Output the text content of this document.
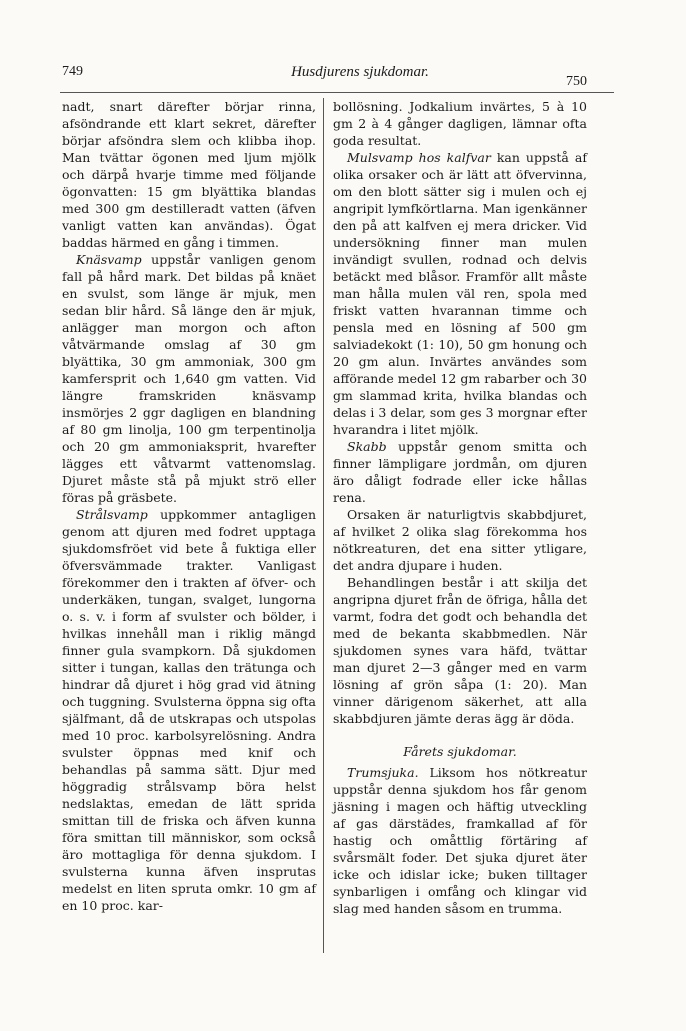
749	Husdjurens sjukdomar.
750

nadt, snart därefter börjar rinna, afsöndrande ett klart sekret, därefter börjar afsöndra slem och klibba ihop. Man tvättar ögonen med ljum mjölk och därpå hvarje timme med följande ögonvatten: 15 gm blyättika blandas med 300 gm destilleradt vatten (äfven vanligt vatten kan användas). Ögat baddas härmed en gång i timmen.

Knäsvamp uppstår vanligen genom fall på hård mark. Det bildas på knäet en svulst, som länge är mjuk, men sedan blir hård. Så länge den är mjuk, anlägger man morgon och afton våtvärmande omslag af 30 gm blyättika, 30 gm ammoniak, 300 gm kamfersprit och 1,640 gm vatten. Vid längre framskriden knäsvamp insmörjes 2 ggr dagligen en blandning af 80 gm linolja, 100 gm terpentinolja och 20 gm ammoniaksprit, hvarefter lägges ett våtvarmt vattenomslag. Djuret måste stå på mjukt strö eller föras på gräsbete.

Strålsvamp uppkommer antagligen genom att djuren med fodret upptaga sjukdomsfröet vid bete å fuktiga eller öfversvämmade trakter. Vanligast förekommer den i trakten af öfver- och underkäken, tungan, svalget, lungorna o. s. v. i form af svulster och bölder, i hvilkas innehåll man i riklig mängd finner gula svampkorn. Då sjukdomen sitter i tungan, kallas den trätunga och hindrar då djuret i hög grad vid ätning och tuggning. Svulsterna öppna sig ofta själfmant, då de utskrapas och utspolas med 10 proc. karbolsyrelösning. Andra svulster öppnas med knif och behandlas på samma sätt. Djur med höggradig strålsvamp böra helst nedslaktas, emedan de lätt sprida smittan till de friska och äfven kunna föra smittan till människor, som också äro mottagliga för denna sjukdom. I svulsterna kunna äfven insprutas medelst en liten spruta omkr. 10 gm af en 10 proc. kar-

bollösning. Jodkalium invärtes, 5 à 10 gm 2 à 4 gånger dagligen, lämnar ofta goda resultat.

Mulsvamp hos kalfvar kan uppstå af olika orsaker och är lätt att öfvervinna, om den blott sätter sig i mulen och ej angripit lymfkörtlarna. Man igenkänner den på att kalfven ej mera dricker. Vid undersökning finner man mulen invändigt svullen, rodnad och delvis betäckt med blåsor. Framför allt måste man hålla mulen väl ren, spola med friskt vatten hvarannan timme och pensla med en lösning af 500 gm salviadekokt (1: 10), 50 gm honung och 20 gm alun. Invärtes användes som afförande medel 12 gm rabarber och 30 gm slammad krita, hvilka blandas och delas i 3 delar, som ges 3 morgnar efter hvarandra i litet mjölk.

Skabb uppstår genom smitta och finner lämpligare jordmån, om djuren äro dåligt fodrade eller icke hållas rena.

Orsaken är naturligtvis skabbdjuret, af hvilket 2 olika slag förekomma hos nötkreaturen, det ena sitter ytligare, det andra djupare i huden.

Behandlingen består i att skilja det angripna djuret från de öfriga, hålla det varmt, fodra det godt och behandla det med de bekanta skabbmedlen. När sjukdomen synes vara häfd, tvättar man djuret 2—3 gånger med en varm lösning af grön såpa (1: 20). Man vinner därigenom säkerhet, att alla skabbdjuren jämte deras ägg är döda.

Fårets sjukdomar.

Trumsjuka. Liksom hos nötkreatur uppstår denna sjukdom hos får genom jäsning i magen och häftig utveckling af gas därstädes, framkallad af för hastig och omåttlig förtäring af svårsmält foder. Det sjuka djuret äter icke och idislar icke; buken tilltager synbarligen i omfång och klingar vid slag med handen såsom en trumma.
